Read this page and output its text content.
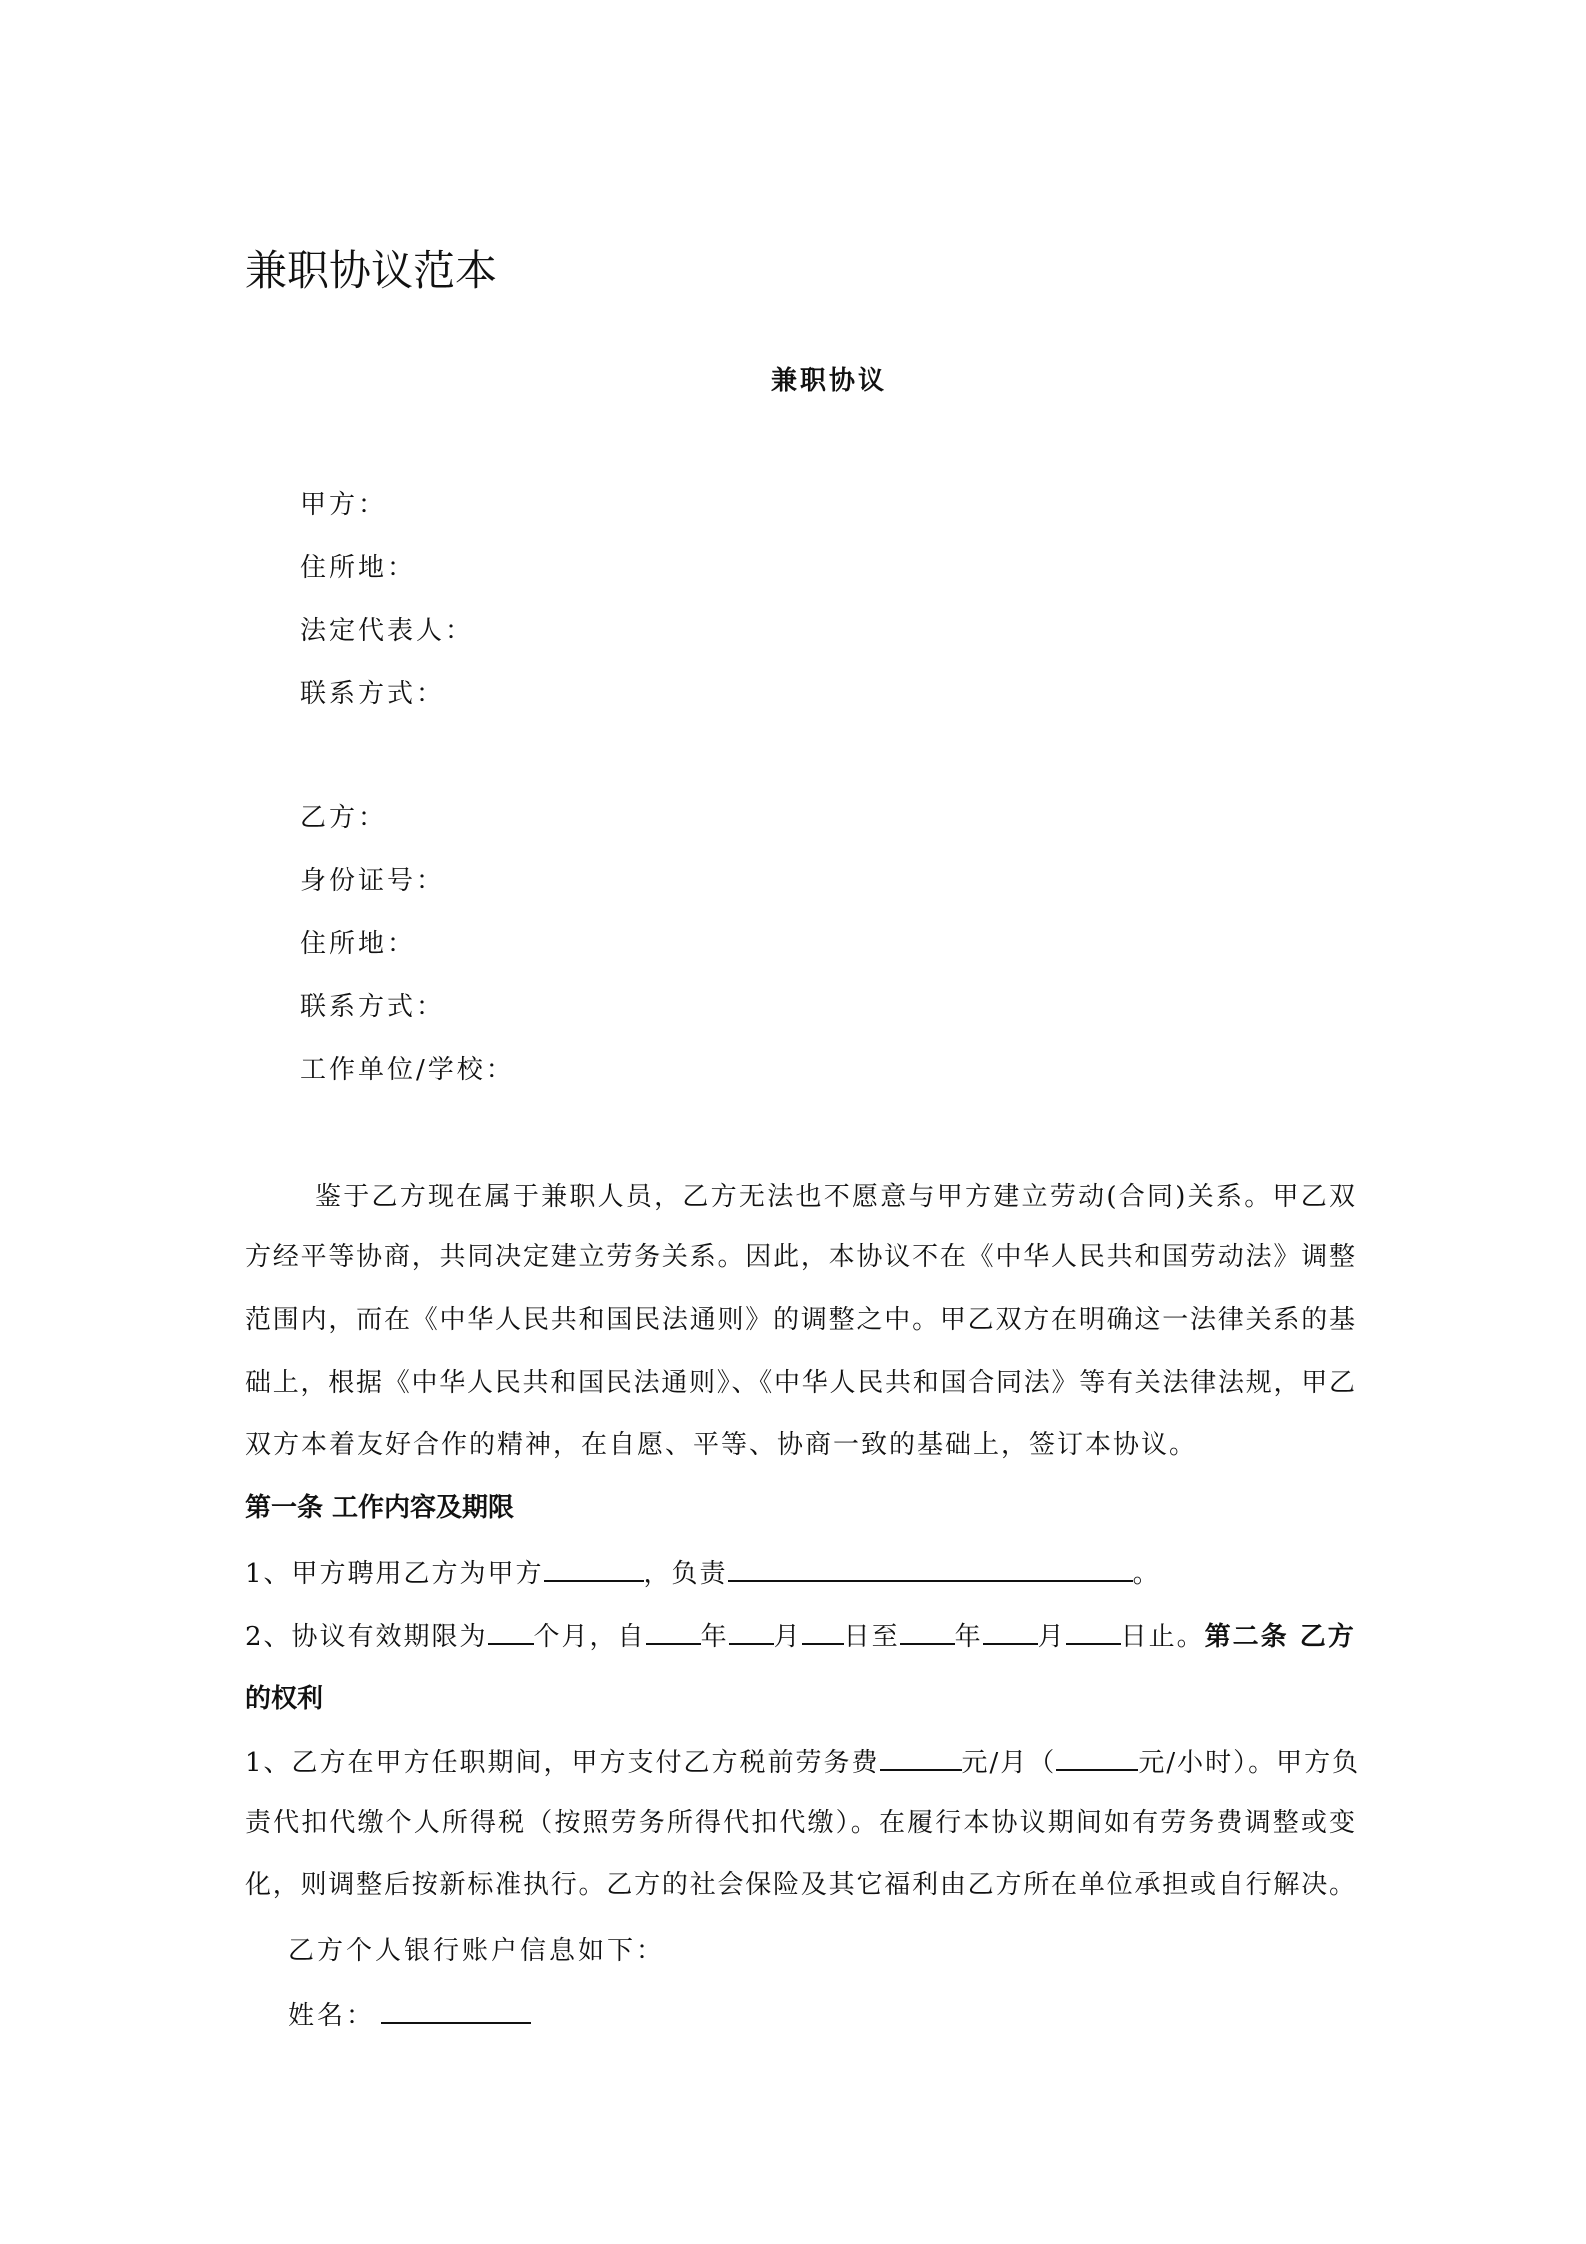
兼职协议范本
兼职协议
甲方：
住所地：
法定代表人：
联系方式：
乙方：
身份证号：
住所地：
联系方式：
工作单位/学校：
鉴于乙方现在属于兼职人员，乙方无法也不愿意与甲方建立劳动(合同)关系。甲乙双
方经平等协商，共同决定建立劳务关系。因此，本协议不在《中华人民共和国劳动法》调整
范围内，而在《中华人民共和国民法通则》的调整之中。甲乙双方在明确这一法律关系的基
础上，根据《中华人民共和国民法通则》、《中华人民共和国合同法》等有关法律法规，甲乙
双方本着友好合作的精神，在自愿、平等、协商一致的基础上，签订本协议。
第一条 工作内容及期限
1、甲方聘用乙方为甲方	，负责	。
2、协议有效期限为 个月，自 年 月 日至 年 月 日止。第二条 乙方
的权利
1、乙方在甲方任职期间，甲方支付乙方税前劳务费	元/月（	元/小时）。甲方负
责代扣代缴个人所得税（按照劳务所得代扣代缴）。在履行本协议期间如有劳务费调整或变
化，则调整后按新标准执行。乙方的社会保险及其它福利由乙方所在单位承担或自行解决。
乙方个人银行账户信息如下：
姓名：
